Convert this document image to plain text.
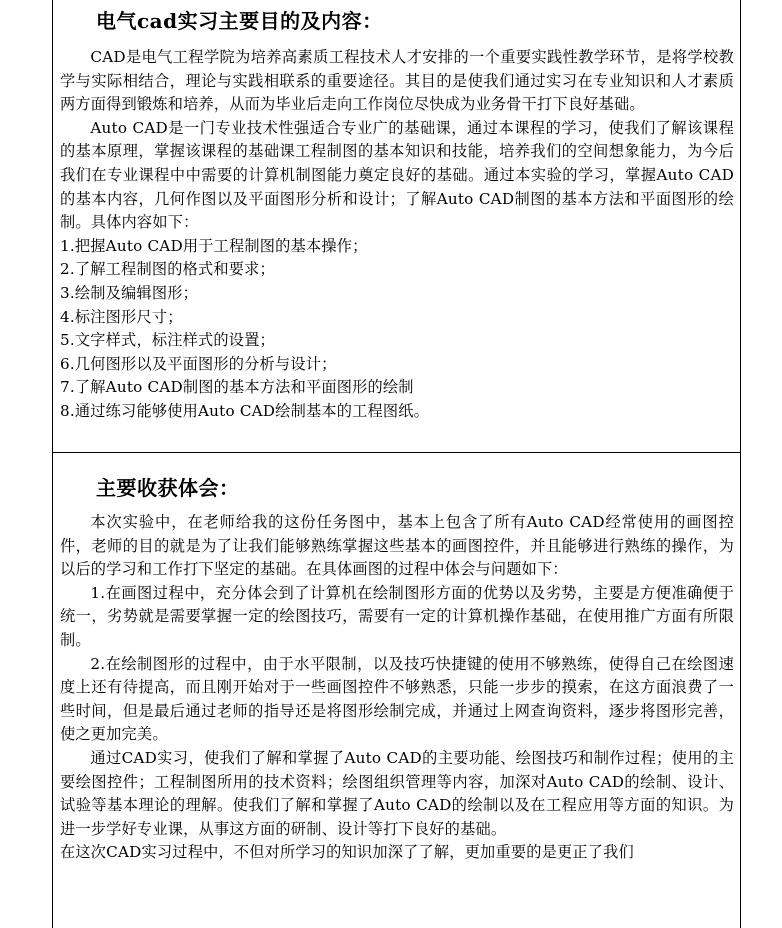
电气cad实习主要目的及内容：

CAD是电气工程学院为培养高素质工程技术人才安排的一个重要实践性教学环节，是将学校教学与实际相结合，理论与实践相联系的重要途径。其目的是使我们通过实习在专业知识和人才素质两方面得到锻炼和培养，从而为毕业后走向工作岗位尽快成为业务骨干打下良好基础。

Auto CAD是一门专业技术性强适合专业广的基础课，通过本课程的学习，使我们了解该课程的基本原理，掌握该课程的基础课工程制图的基本知识和技能，培养我们的空间想象能力，为今后我们在专业课程中中需要的计算机制图能力奠定良好的基础。通过本实验的学习，掌握Auto CAD的基本内容，几何作图以及平面图形分析和设计；了解Auto CAD制图的基本方法和平面图形的绘制。具体内容如下：

1.把握Auto CAD用于工程制图的基本操作；

2.了解工程制图的格式和要求；

3.绘制及编辑图形；

4.标注图形尺寸；

5.文字样式，标注样式的设置；

6.几何图形以及平面图形的分析与设计；

7.了解Auto CAD制图的基本方法和平面图形的绘制

8.通过练习能够使用Auto CAD绘制基本的工程图纸。

主要收获体会：

本次实验中，在老师给我的这份任务图中，基本上包含了所有Auto CAD经常使用的画图控件，老师的目的就是为了让我们能够熟练掌握这些基本的画图控件，并且能够进行熟练的操作，为以后的学习和工作打下坚定的基础。在具体画图的过程中体会与问题如下：

1.在画图过程中，充分体会到了计算机在绘制图形方面的优势以及劣势，主要是方便准确便于统一，劣势就是需要掌握一定的绘图技巧，需要有一定的计算机操作基础，在使用推广方面有所限制。

2.在绘制图形的过程中，由于水平限制，以及技巧快捷键的使用不够熟练，使得自己在绘图速度上还有待提高，而且刚开始对于一些画图控件不够熟悉，只能一步步的摸索，在这方面浪费了一些时间，但是最后通过老师的指导还是将图形绘制完成，并通过上网查询资料，逐步将图形完善，使之更加完美。

通过CAD实习，使我们了解和掌握了Auto CAD的主要功能、绘图技巧和制作过程；使用的主要绘图控件；工程制图所用的技术资料；绘图组织管理等内容，加深对Auto CAD的绘制、设计、试验等基本理论的理解。使我们了解和掌握了Auto CAD的绘制以及在工程应用等方面的知识。为进一步学好专业课，从事这方面的研制、设计等打下良好的基础。

在这次CAD实习过程中，不但对所学习的知识加深了了解，更加重要的是更正了我们
